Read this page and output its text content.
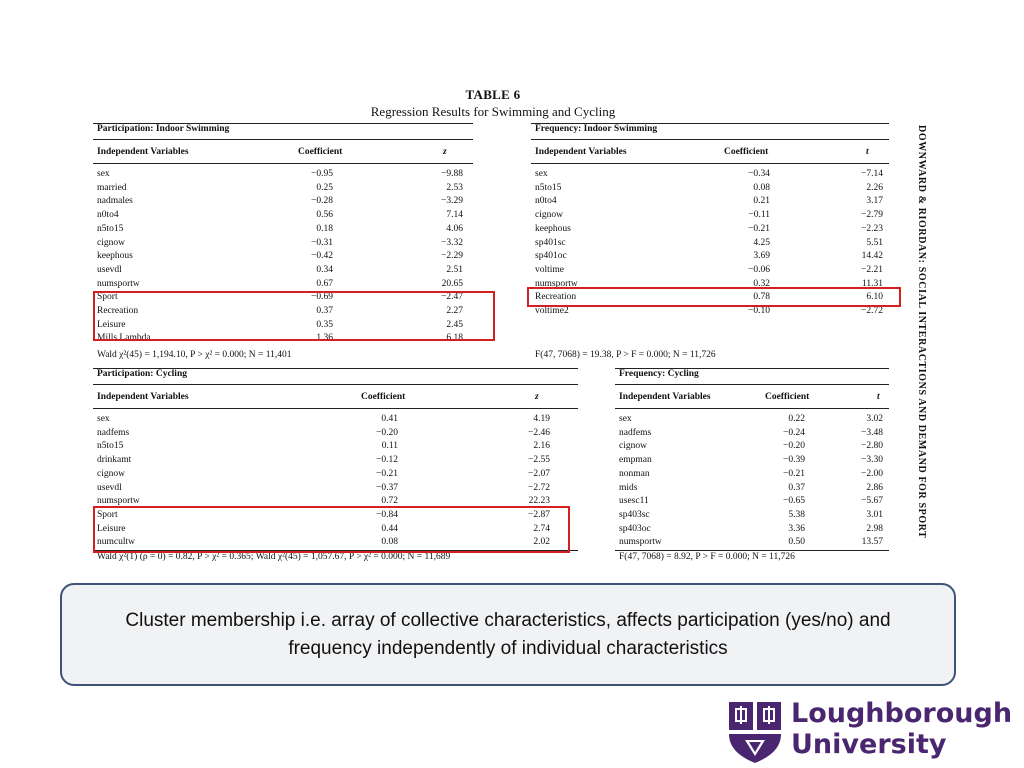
TABLE 6
Regression Results for Swimming and Cycling
Participation: Indoor Swimming
Independent Variables	Coefficient	z
Wald χ²(45) = 1,194.10, P > χ² = 0.000; N = 11,401
sex	−0.95	−9.88
married	0.25	2.53
nadmales	−0.28	−3.29
n0to4	0.56	7.14
n5to15	0.18	4.06
cignow	−0.31	−3.32
keephous	−0.42	−2.29
usevdl	0.34	2.51
numsportw	0.67	20.65
Sport	−0.69	−2.47
Recreation	0.37	2.27
Leisure	0.35	2.45
Mills Lambda	1.36	6.18
Frequency: Indoor Swimming
Independent Variables	Coefficient	t
F(47, 7068) = 19.38, P > F = 0.000; N = 11,726
sex	−0.34	−7.14
n5to15	0.08	2.26
n0to4	0.21	3.17
cignow	−0.11	−2.79
keephous	−0.21	−2.23
sp401sc	4.25	5.51
sp401oc	3.69	14.42
voltime	−0.06	−2.21
numsportw	0.32	11.31
Recreation	0.78	6.10
voltime2	−0.10	−2.72
Participation: Cycling
Independent Variables	Coefficient	z
Wald χ²(1) (ρ = 0) = 0.82, P > χ² = 0.365; Wald χ²(45) = 1,057.67, P > χ² = 0.000; N = 11,689
sex	0.41	4.19
nadfems	−0.20	−2.46
n5to15	0.11	2.16
drinkamt	−0.12	−2.55
cignow	−0.21	−2.07
usevdl	−0.37	−2.72
numsportw	0.72	22.23
Sport	−0.84	−2.87
Leisure	0.44	2.74
numcultw	0.08	2.02
Frequency: Cycling
Independent Variables	Coefficient	t
F(47, 7068) = 8.92, P > F = 0.000; N = 11,726
sex	0.22	3.02
nadfems	−0.24	−3.48
cignow	−0.20	−2.80
empman	−0.39	−3.30
nonman	−0.21	−2.00
mids	0.37	2.86
usesc11	−0.65	−5.67
sp403sc	5.38	3.01
sp403oc	3.36	2.98
numsportw	0.50	13.57
DOWNWARD & RIORDAN: SOCIAL INTERACTIONS AND DEMAND FOR SPORT
Cluster membership i.e. array of collective characteristics, affects participation (yes/no) and frequency independently of individual characteristics
Loughborough
University
